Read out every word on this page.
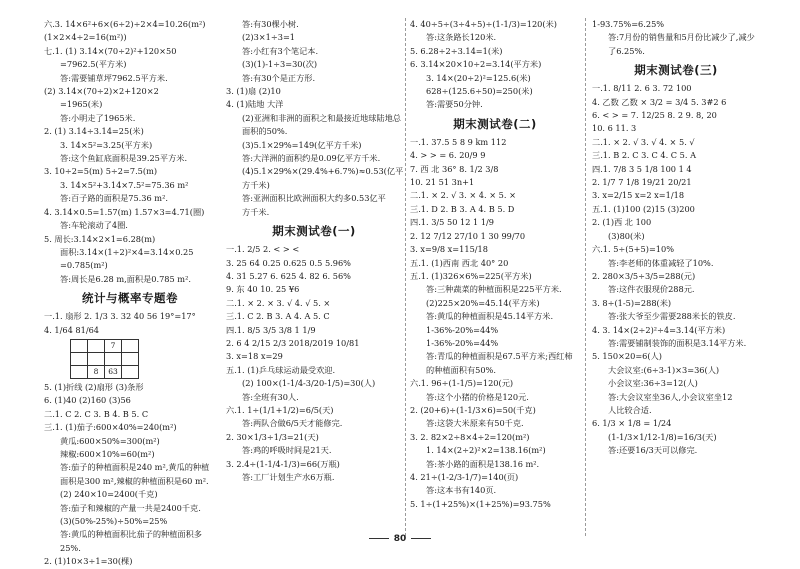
六.3. 14×6²+6×(6÷2)÷2×4=10.26(m²)
(1×2×4÷2=16(m²))
七.1. (1) 3.14×(70÷2)²+120×50
=7962.5(平方米)
答:需要铺草坪7962.5平方米.
(2) 3.14×(70÷2)×2+120×2
=1965(米)
答:小明走了1965米.
2. (1) 3.14÷3.14=25(米)
3. 14×5²=3.25(平方米)
答:这个鱼缸底面积是39.25平方米.
3. 10÷2=5(m) 5÷2=7.5(m)
3. 14×5²+3.14×7.5²=75.36 m²
答:百子路的面积是75.36 m².
4. 3.14×0.5=1.57(m) 1.57×3=4.71(圈)
答:车轮滚动了4圈.
5. 周长:3.14×2×1=6.28(m)
面积:3.14×(1÷2)²×4=3.14×0.25
=0.785(m²)
答:周长是6.28 m,面积是0.785 m².
统计与概率专题卷
一.1. 扇形 2. 1/3 3. 32 40 56 19°=17°
4. 1/64 81/64
		7	

	8	63	
5. (1)折线 (2)扇形 (3)条形
6. (1)40 (2)160 (3)56
二.1. C 2. C 3. B 4. B 5. C
三.1. (1)茄子:600×40%=240(m²)
黄瓜:600×50%=300(m²)
辣椒:600×10%=60(m²)
答:茄子的种植面积是240 m²,黄瓜的种植
面积是300 m²,辣椒的种植面积是60 m².
(2) 240×10=2400(千克)
答:茄子和辣椒的产量一共是2400千克.
(3)(50%-25%)÷50%=25%
答:黄瓜的种植面积比茄子的种植面积多
25%.
2. (1)10×3÷1=30(棵)
答:有30棵小树.
(2)3×1÷3=1
答:小红有3个笔记本.
(3)(1)-1÷3=30(次)
答:有30个是正方形.
3. (1)扇 (2)10
4. (1)陆地 大洋
(2)亚洲和非洲的面积之和最接近地球陆地总
面积的50%.
(3)5.1×29%=149(亿平方千米)
答:大洋洲的面积约是0.09亿平方千米.
(4)5.1×29%×(29.4%+6.7%)≈0.53(亿平
方千米)
答:亚洲面积比欧洲面积大约多0.53亿平
方千米.
期末测试卷(一)
一.1. 2/5 2. < > <
3. 25 64 0.25 0.625 0.5 5.96%
4. 31 5.27 6. 625 4. 82 6. 56%
9. 东 40 10. 25 ¥6
二.1. × 2. × 3. √ 4. √ 5. ×
三.1. C 2. B 3. A 4. A 5. C
四.1. 8/5 3/5 3/8 1 1/9
2. 6 4 2/15 2/3 2018/2019 10/81
3. x=18 x=29
五.1. (1)乒乓球运动最受欢迎.
(2) 100×(1-1/4-3/20-1/5)=30(人)
答:全班有30人.
六.1. 1÷(1/1+1/2)=6/5(天)
答:两队合做6/5天才能修完.
2. 30×1/3÷1/3=21(天)
答:鸡的呼吸时间是21天.
3. 2.4÷(1-1/4-1/3)=66(万瓶)
答:工厂计划生产水6万瓶.
4. 40÷5÷(3÷4÷5)÷(1-1/3)=120(米)
答:这条路长120米.
5. 6.28÷2÷3.14=1(米)
6. 3.14×20×10÷2=3.14(平方米)
3. 14×(20÷2)²=125.6(米)
628÷(125.6÷50)=250(米)
答:需要50分钟.
期末测试卷(二)
一.1. 37.5 5 8 9 km 112
4. > > = 6. 20/9 9
7. 西 北 36° 8. 1/2 3/8
10. 21 51 3n+1
二.1. × 2. √ 3. × 4. × 5. ×
三.1. D 2. B 3. A 4. B 5. D
四.1. 3/5 50 12 1 1/9
2. 12 7/12 27/10 1 30 99/70
3. x=9/8 x=115/18
五.1. (1)西南 西北 40° 20
五.1. (1)326×6%=225(平方米)
答:三种蔬菜的种植面积是225平方米.
(2)225×20%=45.14(平方米)
答:黄瓜的种植面积是45.14平方米.
1-36%-20%=44%
1-36%-20%=44%
答:青瓜的种植面积是67.5平方米;西红柿
的种植面积有50%.
六.1. 96÷(1-1/5)=120(元)
答:这个小猪的价格是120元.
2. (20+6)÷(1-1/3×6)=50(千克)
答:这袋大米原来有50千克.
3. 2. 82×2÷8×4÷2=120(m²)
1. 14×(2÷2)²×2=138.16(m²)
答:茶小路的面积是138.16 m².
4. 21÷(1-2/3-1/7)=140(页)
答:这本书有140页.
5. 1÷(1+25%)×(1+25%)=93.75%
1-93.75%=6.25%
答:7月份的销售量和5月份比减少了,减少
了6.25%.
期末测试卷(三)
一.1. 8/11 2. 6 3. 72 100
4. 乙数 乙数 × 3/2 = 3/4 5. 3#2 6
6. < > = 7. 12/25 8. 2 9. 8, 20
10. 6 11. 3
二.1. × 2. √ 3. √ 4. × 5. √
三.1. B 2. C 3. C 4. C 5. A
四.1. 7/8 3 5 1/8 100 1 4
2. 1/7 7 1/8 19/21 20/21
3. x=2/15 x=2 x=1/18
五.1. (1)100 (2)15 (3)200
2. (1)西 北 100
(3)80(米)
六.1. 5÷(5+5)=10%
答:李老师的体重减轻了10%.
2. 280×3/5÷3/5=288(元)
答:这件衣服现价288元.
3. 8÷(1-5)=288(米)
答:张大爷至少需要288米长的铁皮.
4. 3. 14×(2÷2)²÷4=3.14(平方米)
答:需要铺制装饰的面积是3.14平方米.
5. 150×20=6(人)
大会议室:(6÷3-1)×3=36(人)
小会议室:36÷3=12(人)
答:大会议室坐36人,小会议室坐12
人比较合适.
6. 1/3 × 1/8 = 1/24
(1-1/3×1/12-1/8)=16/3(天)
答:还要16/3天可以修完.
80
